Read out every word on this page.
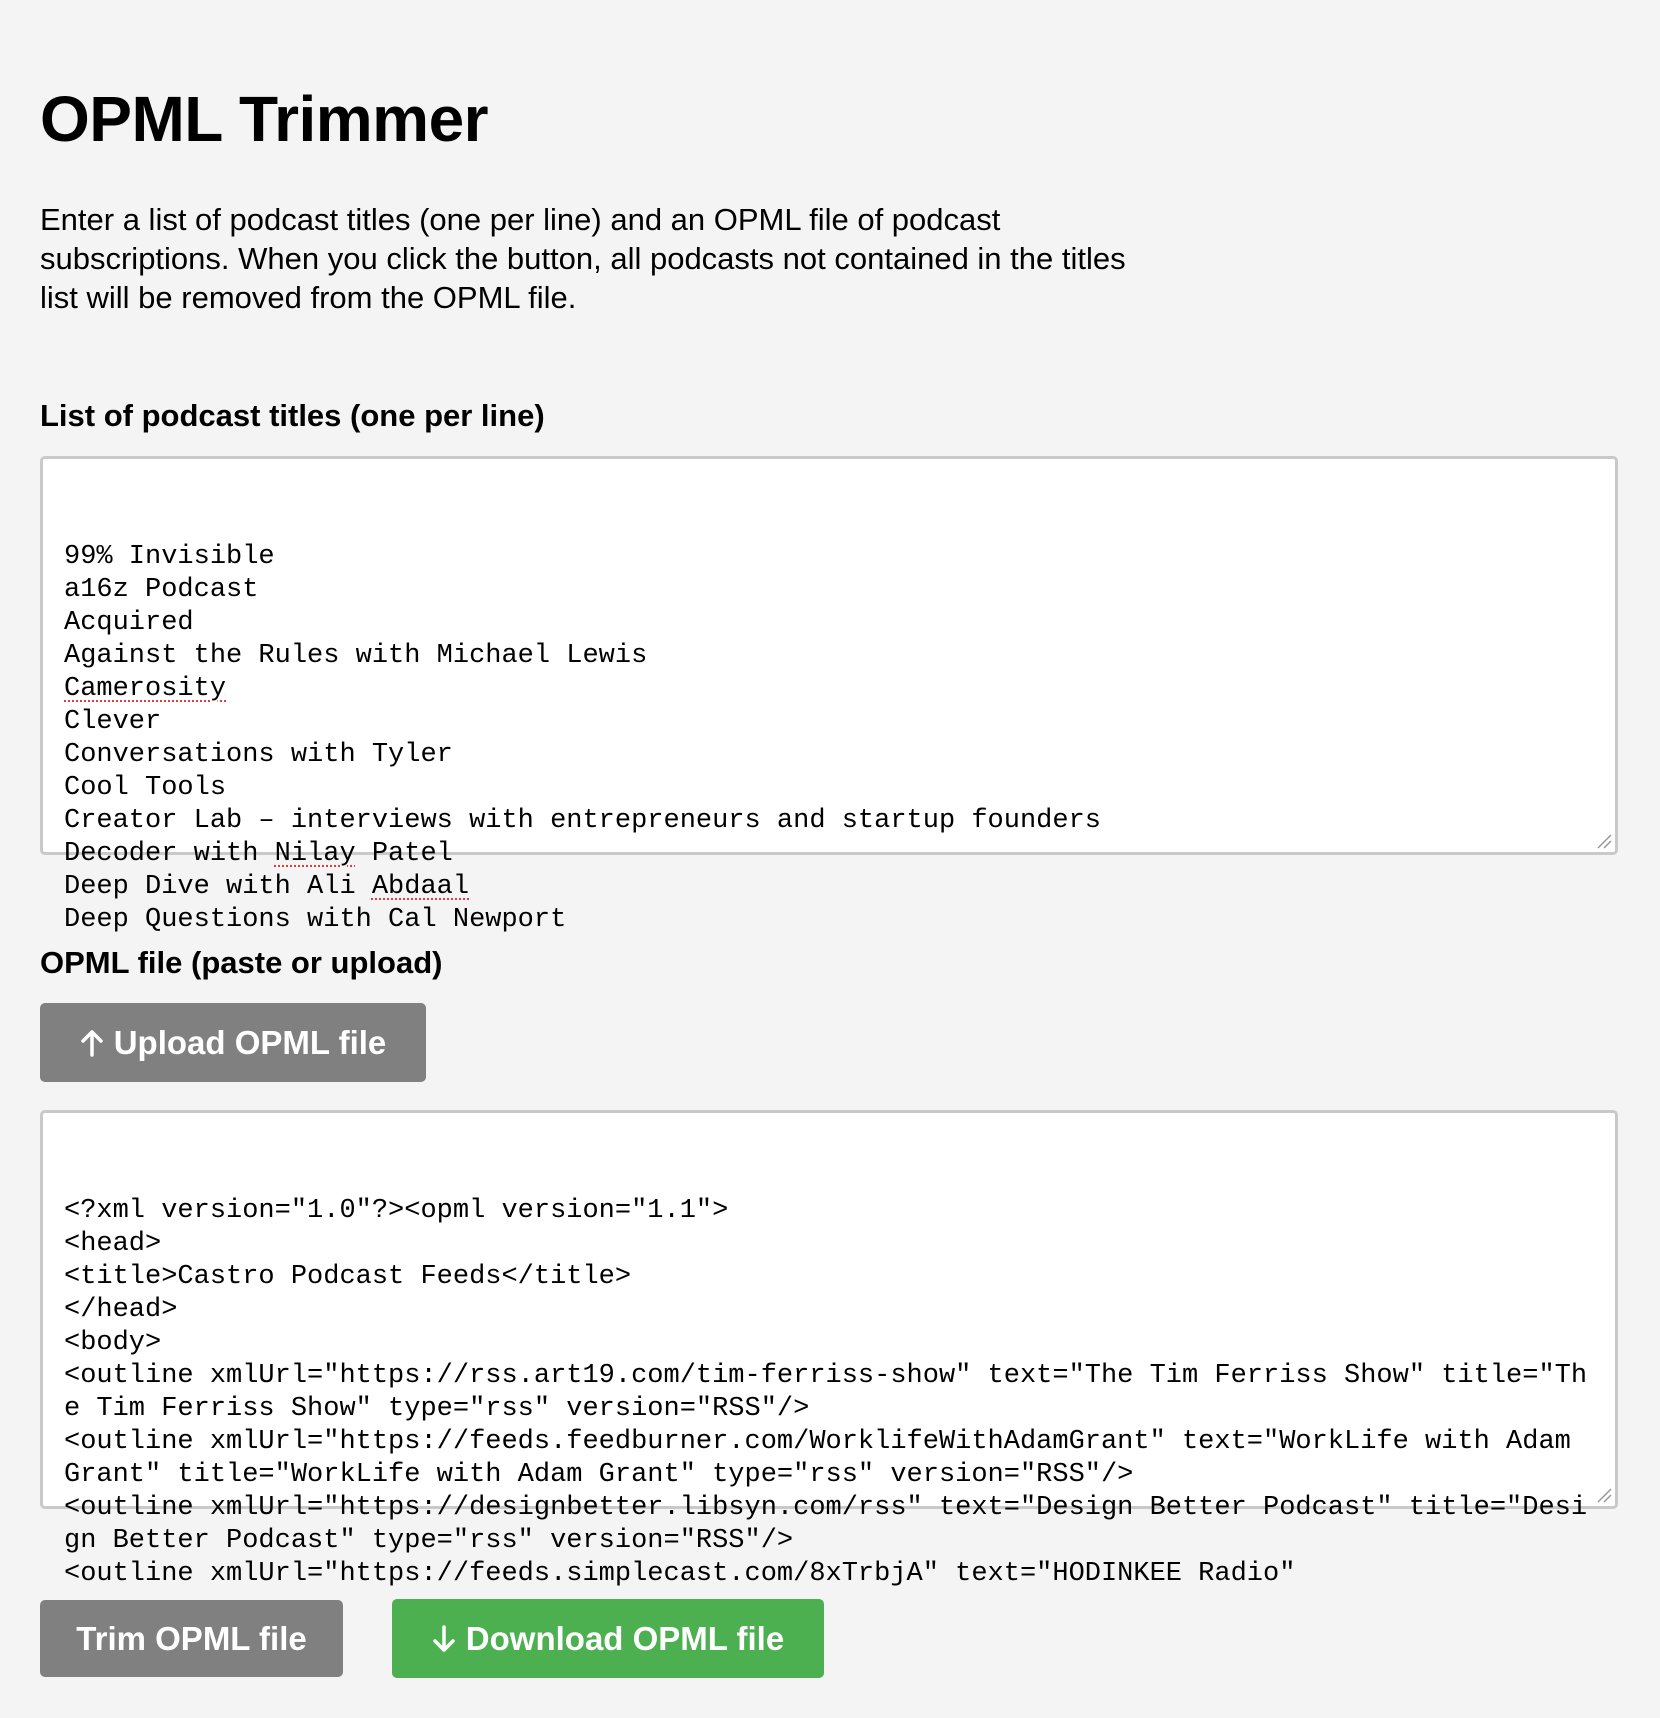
OPML Trimmer

Enter a list of podcast titles (one per line) and an OPML file of podcast subscriptions. When you click the button, all podcasts not contained in the titles list will be removed from the OPML file.

List of podcast titles (one per line)

99% Invisible
a16z Podcast
Acquired
Against the Rules with Michael Lewis
Camerosity
Clever
Conversations with Tyler
Cool Tools
Creator Lab – interviews with entrepreneurs and startup founders
Decoder with Nilay Patel
Deep Dive with Ali Abdaal
Deep Questions with Cal Newport

OPML file (paste or upload)

Upload OPML file

<?xml version="1.0"?><opml version="1.1">
<head>
<title>Castro Podcast Feeds</title>
</head>
<body>
<outline xmlUrl="https://rss.art19.com/tim-ferriss-show" text="The Tim Ferriss Show" title="The Tim Ferriss Show" type="rss" version="RSS"/>
<outline xmlUrl="https://feeds.feedburner.com/WorklifeWithAdamGrant" text="WorkLife with Adam Grant" title="WorkLife with Adam Grant" type="rss" version="RSS"/>
<outline xmlUrl="https://designbetter.libsyn.com/rss" text="Design Better Podcast" title="Design Better Podcast" type="rss" version="RSS"/>
<outline xmlUrl="https://feeds.simplecast.com/8xTrbjA" text="HODINKEE Radio"

Trim OPML file	Download OPML file
